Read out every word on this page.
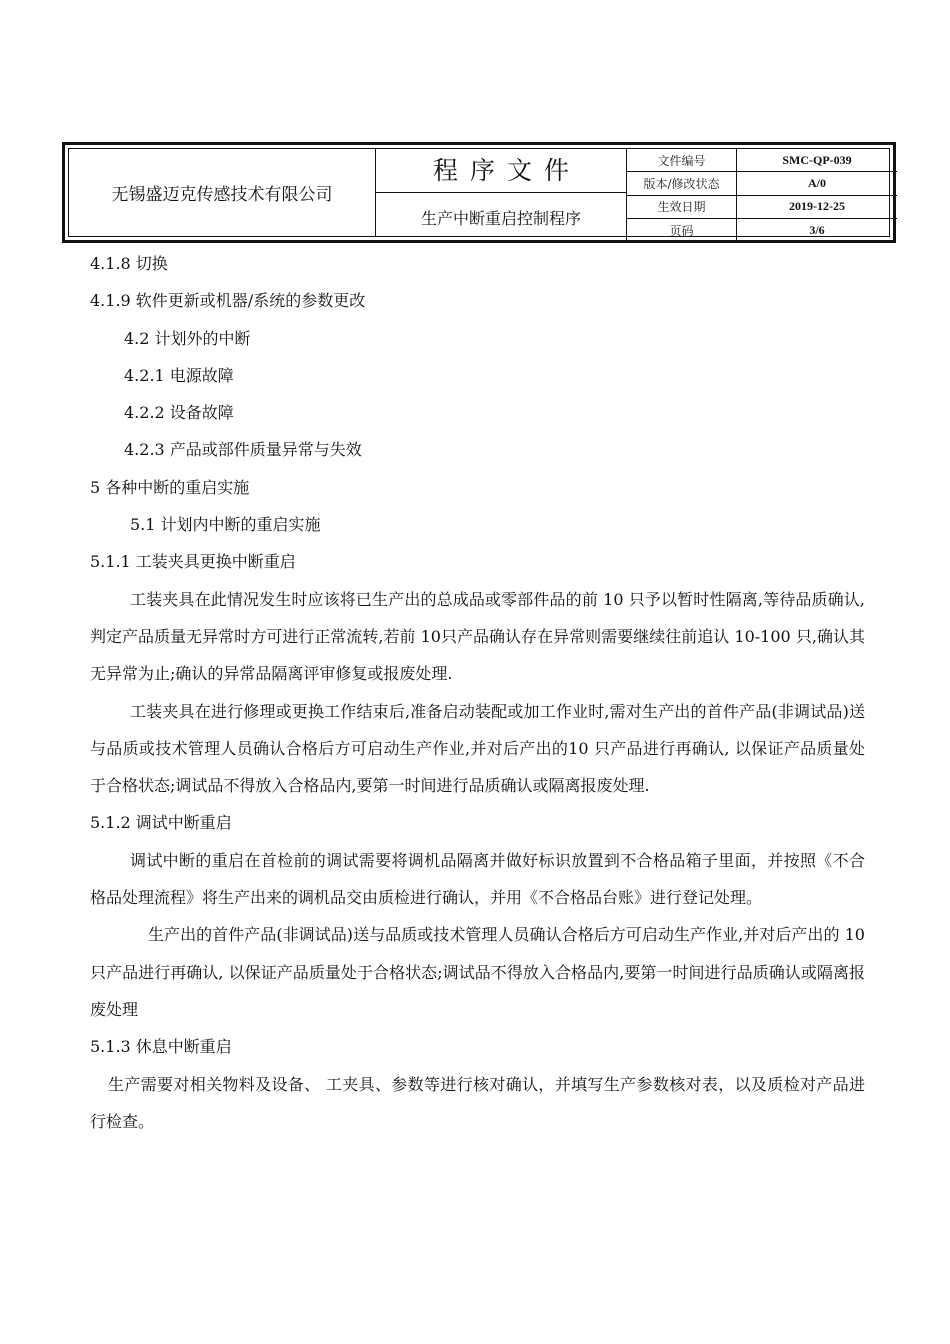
无锡盛迈克传感技术有限公司
程序文件
生产中断重启控制程序
文件编号	SMC-QP-039
版本/修改状态	A/0
生效日期	2019-12-25
页码	3/6

4.1.8 切换

4.1.9 软件更新或机器/系统的参数更改

4.2 计划外的中断

4.2.1 电源故障

4.2.2 设备故障

4.2.3 产品或部件质量异常与失效

5 各种中断的重启实施

5.1 计划内中断的重启实施

5.1.1 工装夹具更换中断重启

工装夹具在此情况发生时应该将已生产出的总成品或零部件品的前 10 只予以暂时性隔离,等待品质确认,判定产品质量无异常时方可进行正常流转,若前 10只产品确认存在异常则需要继续往前追认 10-100 只,确认其无异常为止;确认的异常品隔离评审修复或报废处理.

工装夹具在进行修理或更换工作结束后,准备启动装配或加工作业时,需对生产出的首件产品(非调试品)送与品质或技术管理人员确认合格后方可启动生产作业,并对后产出的10 只产品进行再确认, 以保证产品质量处于合格状态;调试品不得放入合格品内,要第一时间进行品质确认或隔离报废处理.

5.1.2 调试中断重启

调试中断的重启在首检前的调试需要将调机品隔离并做好标识放置到不合格品箱子里面，并按照《不合格品处理流程》将生产出来的调机品交由质检进行确认，并用《不合格品台账》进行登记处理。

生产出的首件产品(非调试品)送与品质或技术管理人员确认合格后方可启动生产作业,并对后产出的 10 只产品进行再确认, 以保证产品质量处于合格状态;调试品不得放入合格品内,要第一时间进行品质确认或隔离报废处理

5.1.3 休息中断重启

生产需要对相关物料及设备、 工夹具、参数等进行核对确认，并填写生产参数核对表，以及质检对产品进行检查。
